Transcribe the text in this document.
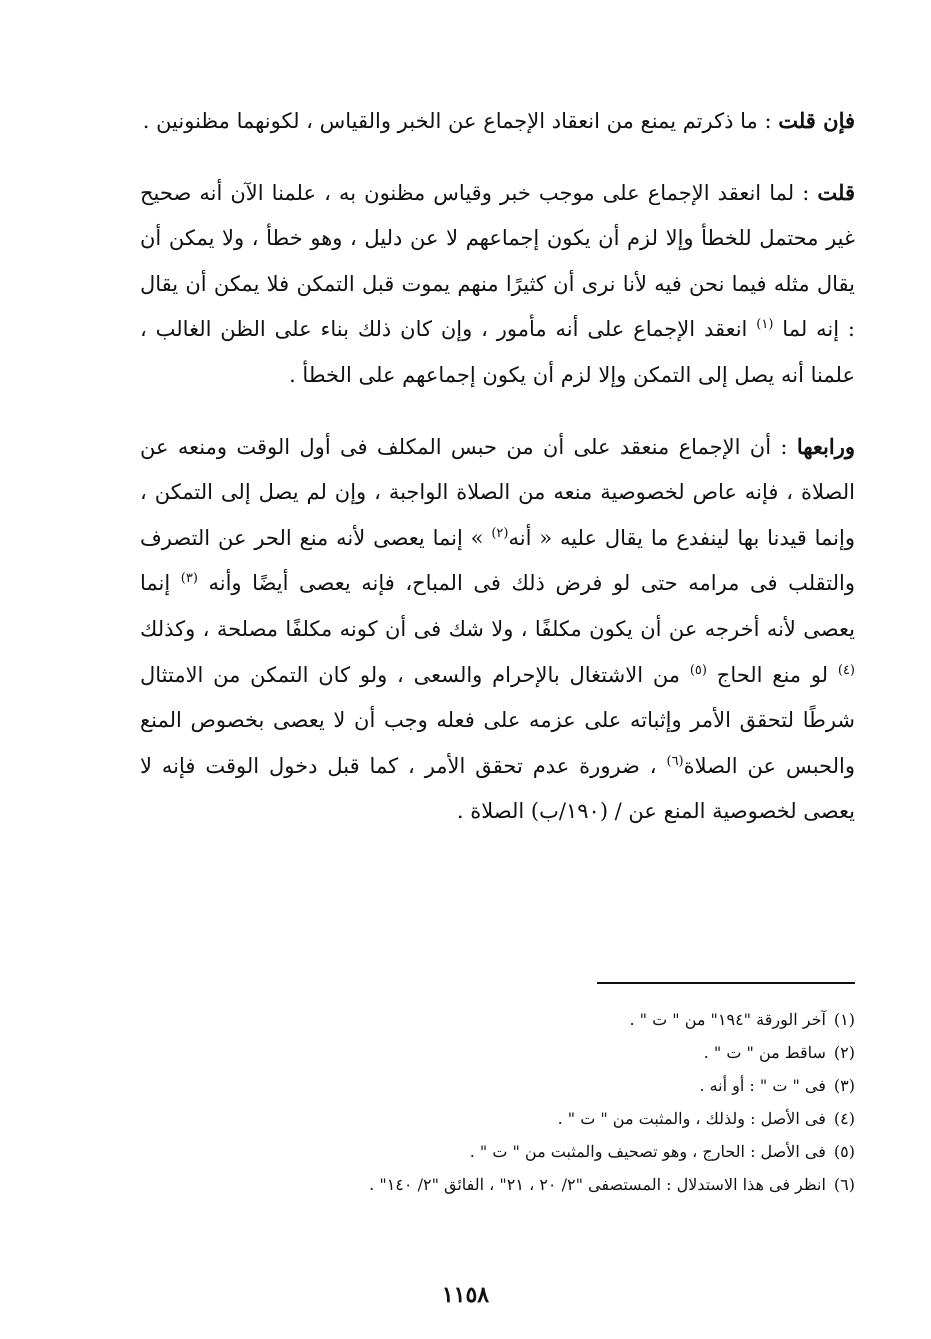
فإن قلت : ما ذكرتم يمنع من انعقاد الإجماع عن الخبر والقياس ، لكونهما مظنونين .

قلت : لما انعقد الإجماع على موجب خبر وقياس مظنون به ، علمنا الآن أنه صحيح غير محتمل للخطأ وإلا لزم أن يكون إجماعهم لا عن دليل ، وهو خطأ ، ولا يمكن أن يقال مثله فيما نحن فيه لأنا نرى أن كثيرًا منهم يموت قبل التمكن فلا يمكن أن يقال : إنه لما $^{(١)}$ انعقد الإجماع على أنه مأمور ، وإن كان ذلك بناء على الظن الغالب ، علمنا أنه يصل إلى التمكن وإلا لزم أن يكون إجماعهم على الخطأ .

ورابعها : أن الإجماع منعقد على أن من حبس المكلف فى أول الوقت ومنعه عن الصلاة ، فإنه عاص لخصوصية منعه من الصلاة الواجبة ، وإن لم يصل إلى التمكن ، وإنما قيدنا بها لينفدع ما يقال عليه « أنه$^{(٢)}$ » إنما يعصى لأنه منع الحر عن التصرف والتقلب فى مرامه حتى لو فرض ذلك فى المباح، فإنه يعصى أيضًا وأنه $^{(٣)}$ إنما يعصى لأنه أخرجه عن أن يكون مكلفًا ، ولا شك فى أن كونه مكلفًا مصلحة ، وكذلك $^{(٤)}$ لو منع الحاج $^{(٥)}$ من الاشتغال بالإحرام والسعى ، ولو كان التمكن من الامتثال شرطًا لتحقق الأمر وإثباته على عزمه على فعله وجب أن لا يعصى بخصوص المنع والحبس عن الصلاة$^{(٦)}$ ، ضرورة عدم تحقق الأمر ، كما قبل دخول الوقت فإنه لا يعصى لخصوصية المنع عن / (١٩٠/ب) الصلاة .

(١)آخر الورقة "١٩٤" من " ت " .
(٢)ساقط من " ت " .
(٣)فى " ت " : أو أنه .
(٤)فى الأصل : ولذلك ، والمثبت من " ت " .
(٥)فى الأصل : الحارج ، وهو تصحيف والمثبت من " ت " .
(٦)انظر فى هذا الاستدلال : المستصفى "٢/ ٢٠ ، ٢١" ، الفائق "٢/ ١٤٠" .
١١٥٨
